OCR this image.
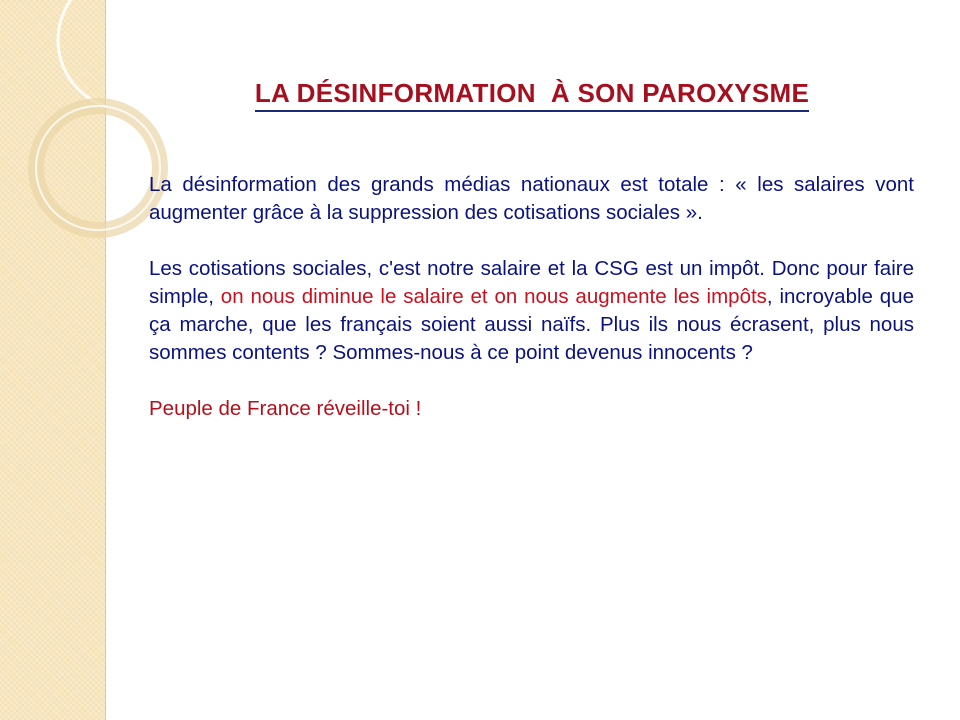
LA DÉSINFORMATION  À SON PAROXYSME

La désinformation des grands médias nationaux est totale : « les salaires vont augmenter grâce à la suppression des cotisations sociales ».

Les cotisations sociales, c'est notre salaire et la CSG est un impôt. Donc pour faire simple, on nous diminue le salaire et on nous augmente les impôts, incroyable que ça marche, que les français soient aussi naïfs. Plus ils nous écrasent, plus nous sommes contents ? Sommes-nous à ce point devenus innocents ?

Peuple de France réveille-toi !
